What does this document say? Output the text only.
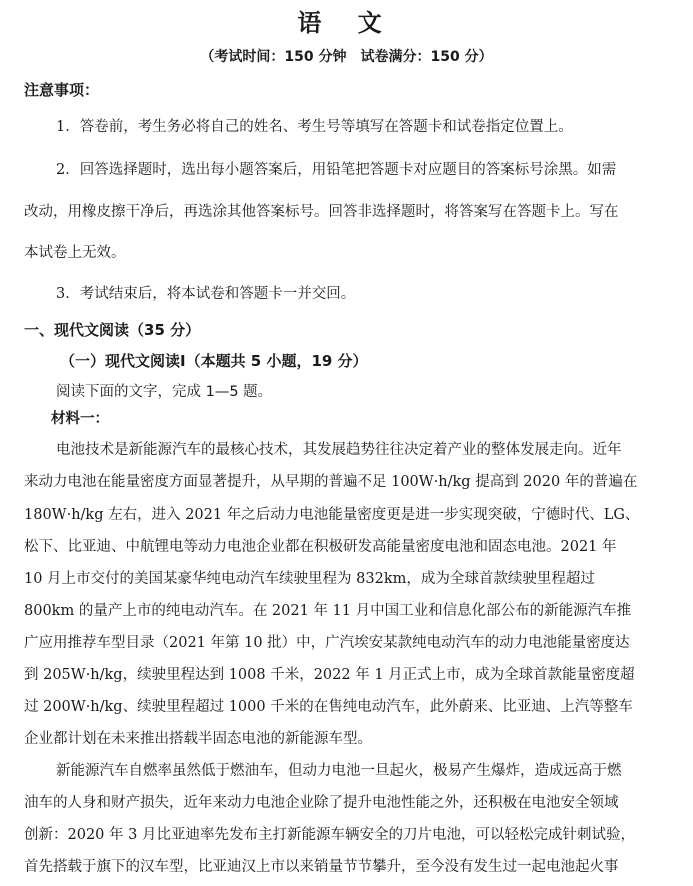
语 文
（考试时间：150 分钟　试卷满分：150 分）
注意事项：
1．答卷前，考生务必将自己的姓名、考生号等填写在答题卡和试卷指定位置上。
2．回答选择题时，选出每小题答案后，用铅笔把答题卡对应题目的答案标号涂黑。如需
改动，用橡皮擦干净后，再选涂其他答案标号。回答非选择题时，将答案写在答题卡上。写在
本试卷上无效。
3．考试结束后，将本试卷和答题卡一并交回。
一、现代文阅读（35 分）
（一）现代文阅读Ⅰ（本题共 5 小题，19 分）
阅读下面的文字，完成 1—5 题。
材料一：
电池技术是新能源汽车的最核心技术，其发展趋势往往决定着产业的整体发展走向。近年
来动力电池在能量密度方面显著提升，从早期的普遍不足 100W·h/kg 提高到 2020 年的普遍在
180W·h/kg 左右，进入 2021 年之后动力电池能量密度更是进一步实现突破，宁德时代、LG、
松下、比亚迪、中航锂电等动力电池企业都在积极研发高能量密度电池和固态电池。2021 年
10 月上市交付的美国某豪华纯电动汽车续驶里程为 832km，成为全球首款续驶里程超过
800km 的量产上市的纯电动汽车。在 2021 年 11 月中国工业和信息化部公布的新能源汽车推
广应用推荐车型目录（2021 年第 10 批）中，广汽埃安某款纯电动汽车的动力电池能量密度达
到 205W·h/kg，续驶里程达到 1008 千米，2022 年 1 月正式上市，成为全球首款能量密度超
过 200W·h/kg、续驶里程超过 1000 千米的在售纯电动汽车，此外蔚来、比亚迪、上汽等整车
企业都计划在未来推出搭载半固态电池的新能源车型。
新能源汽车自燃率虽然低于燃油车，但动力电池一旦起火，极易产生爆炸，造成远高于燃
油车的人身和财产损失，近年来动力电池企业除了提升电池性能之外，还积极在电池安全领域
创新：2020 年 3 月比亚迪率先发布主打新能源车辆安全的刀片电池，可以轻松完成针刺试验，
首先搭载于旗下的汉车型，比亚迪汉上市以来销量节节攀升，至今没有发生过一起电池起火事
